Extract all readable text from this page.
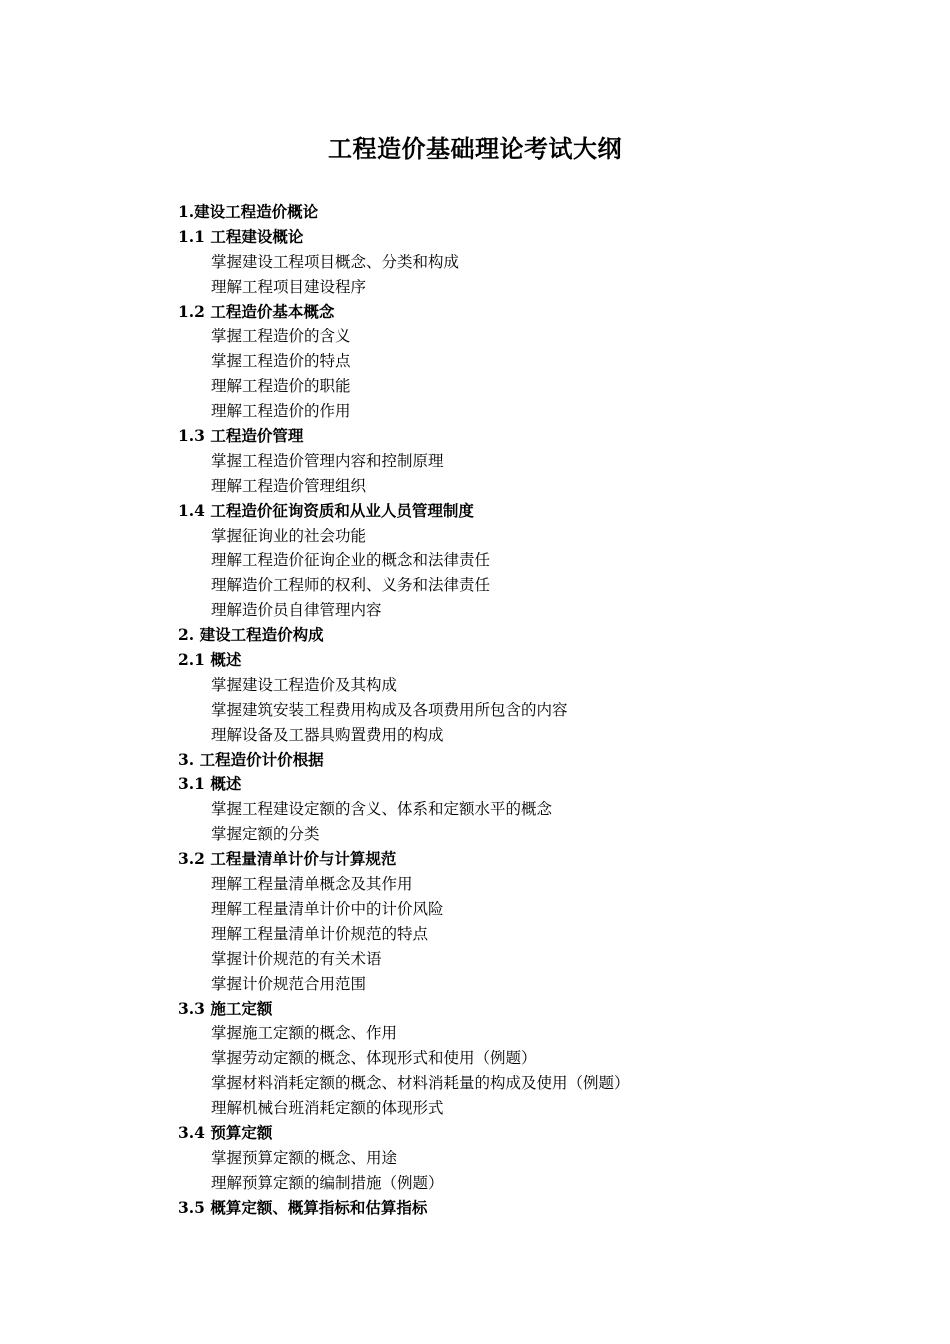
工程造价基础理论考试大纲
1.建设工程造价概论
1.1 工程建设概论
掌握建设工程项目概念、分类和构成
理解工程项目建设程序
1.2 工程造价基本概念
掌握工程造价的含义
掌握工程造价的特点
理解工程造价的职能
理解工程造价的作用
1.3 工程造价管理
掌握工程造价管理内容和控制原理
理解工程造价管理组织
1.4 工程造价征询资质和从业人员管理制度
掌握征询业的社会功能
理解工程造价征询企业的概念和法律责任
理解造价工程师的权利、义务和法律责任
理解造价员自律管理内容
2. 建设工程造价构成
2.1 概述
掌握建设工程造价及其构成
掌握建筑安装工程费用构成及各项费用所包含的内容
理解设备及工器具购置费用的构成
3. 工程造价计价根据
3.1 概述
掌握工程建设定额的含义、体系和定额水平的概念
掌握定额的分类
3.2 工程量清单计价与计算规范
理解工程量清单概念及其作用
理解工程量清单计价中的计价风险
理解工程量清单计价规范的特点
掌握计价规范的有关术语
掌握计价规范合用范围
3.3 施工定额
掌握施工定额的概念、作用
掌握劳动定额的概念、体现形式和使用（例题）
掌握材料消耗定额的概念、材料消耗量的构成及使用（例题）
理解机械台班消耗定额的体现形式
3.4 预算定额
掌握预算定额的概念、用途
理解预算定额的编制措施（例题）
3.5 概算定额、概算指标和估算指标
